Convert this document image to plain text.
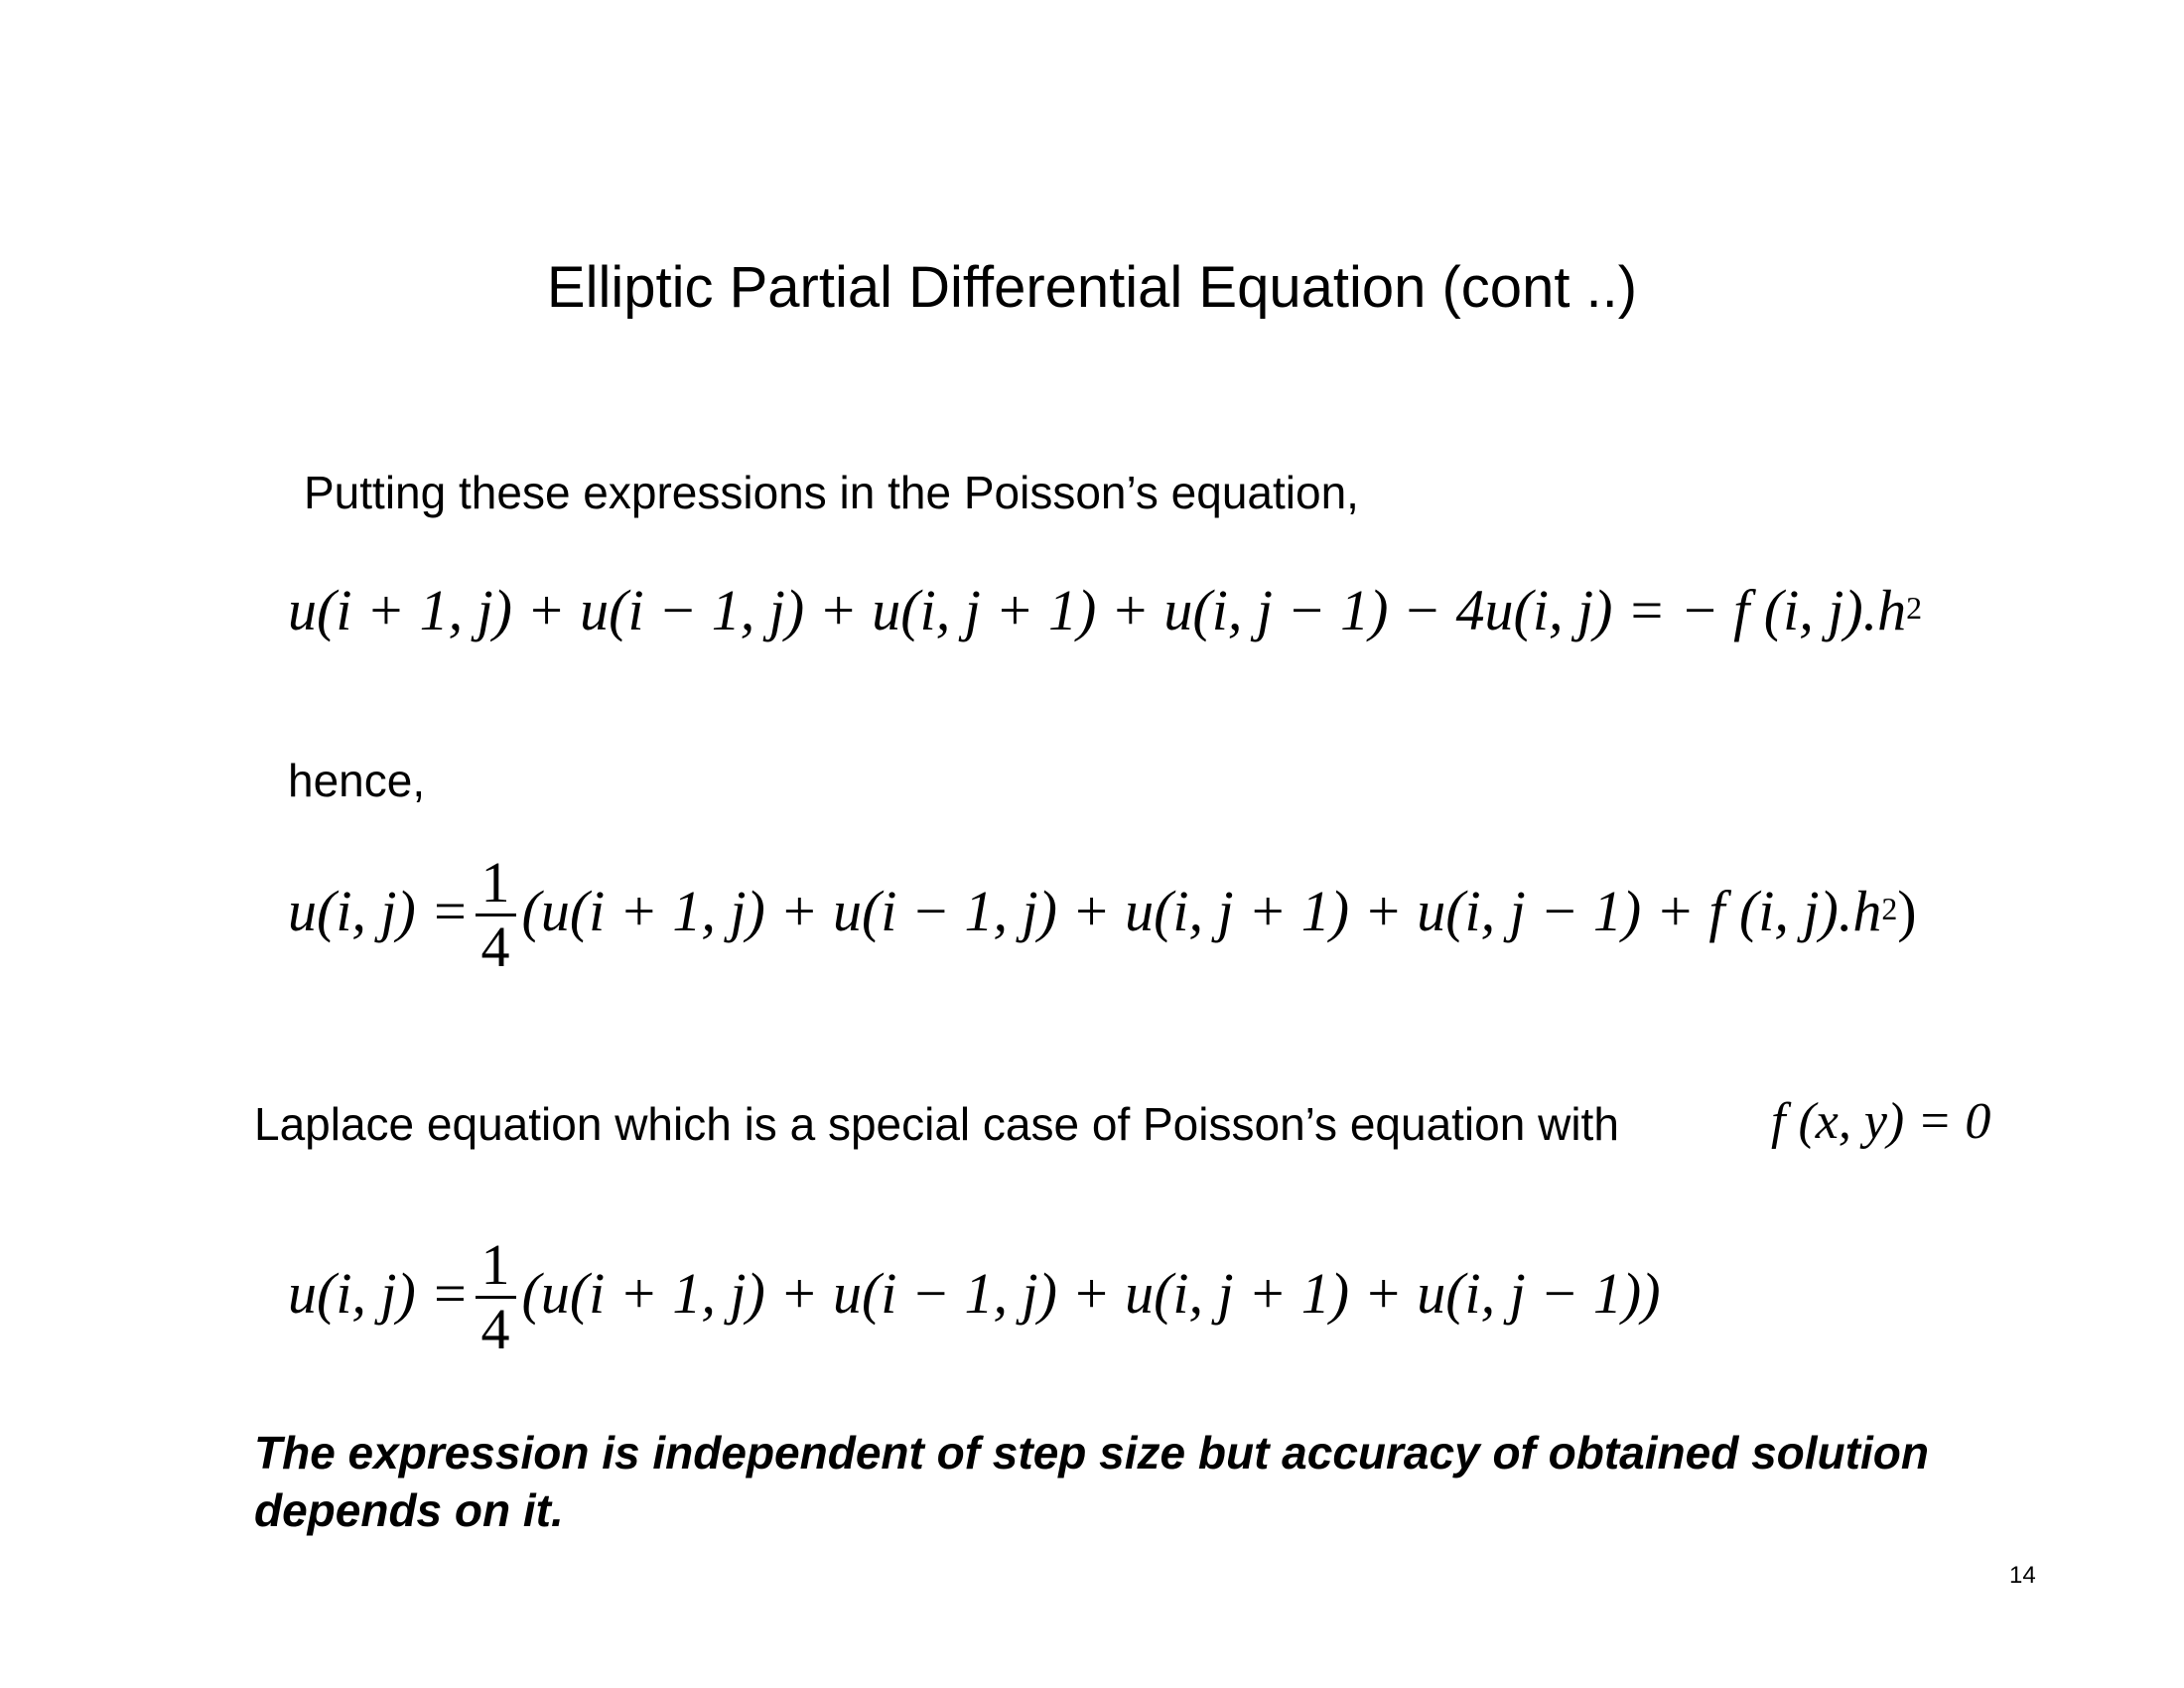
Elliptic Partial Differential Equation (cont ..)
Putting these expressions in the Poisson’s equation,
u(i + 1, j) + u(i − 1, j) + u(i, j + 1) + u(i, j − 1) − 4u(i, j) = − f (i, $j).h^2$
hence,
u(i, $j) = \frac{1}{4} (u(i + 1$, j) + u(i − 1, j) + u(i, j + 1) + u(i, j − 1) + f (i, $j).h^2$)
Laplace equation which is a special case of Poisson’s equation with	f (x, y) = 0
u(i, $j) = \frac{1}{4} (u(i + 1$, j) + u(i − 1, j) + u(i, j + 1) + u(i, j − 1))
The expression is independent of step size but accuracy of obtained solution depends on it.
14
